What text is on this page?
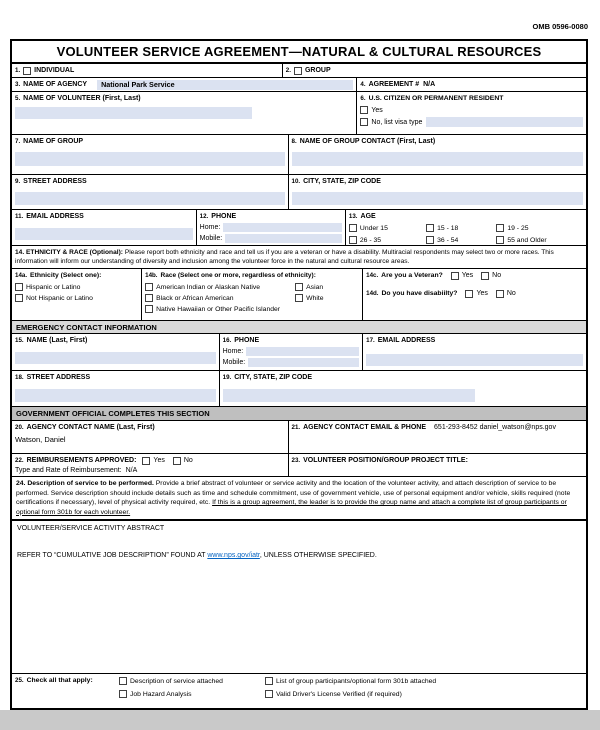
OMB 0596-0080
VOLUNTEER SERVICE AGREEMENT—NATURAL & CULTURAL RESOURCES
1. INDIVIDUAL	2. GROUP
3. NAME OF AGENCY National Park Service	4. AGREEMENT # N/A
5. NAME OF VOLUNTEER (First, Last)	6. U.S. CITIZEN OR PERMANENT RESIDENT
Yes
No, list visa type
7. NAME OF GROUP	8. NAME OF GROUP CONTACT (First, Last)
9. STREET ADDRESS	10. CITY, STATE, ZIP CODE
11. EMAIL ADDRESS	12. PHONE
Home:
Mobile:
13. AGE
Under 15	15 - 18	19 - 25
26 - 35	36 - 54	55 and Older
14. ETHNICITY & RACE (Optional): Please report both ethnicity and race and tell us if you are a veteran or have a disability. Multiracial respondents may select two or more races. This information will inform our understanding of diversity and inclusion among the volunteer force in the natural and cultural resource areas.
14a. Ethnicity (Select one):
Hispanic or Latino
Not Hispanic or Latino
14b. Race (Select one or more, regardless of ethnicity):
American Indian or Alaskan Native	Asian
Black or African American	White
Native Hawaiian or Other Pacific Islander
14c. Are you a Veteran?	Yes	No
14d. Do you have disabiilty?	Yes	No
EMERGENCY CONTACT INFORMATION
15. NAME (Last, First)	16. PHONE
Home:
Mobile:
17. EMAIL ADDRESS
18. STREET ADDRESS	19. CITY, STATE, ZIP CODE
GOVERNMENT OFFICIAL COMPLETES THIS SECTION
20. AGENCY CONTACT NAME (Last, First)
Watson, Daniel
21. AGENCY CONTACT EMAIL & PHONE 651-293-8452 daniel_watson@nps.gov
22. REIMBURSEMENTS APPROVED: Yes	No
Type and Rate of Reimbursement: N/A
23. VOLUNTEER POSITION/GROUP PROJECT TITLE:
24. Description of service to be performed. Provide a brief abstract of volunteer or service activity and the location of the volunteer activity, and attach description of service to be performed. Service description should include details such as time and schedule commitment, use of government vehicle, use of personal equipment and/or vehicle, skills required (note certifications if necessary), level of physical activity required, etc. If this is a group agreement, the leader is to provide the group name and attach a complete list of group participants or optional form 301b for each volunteer.
VOLUNTEER/SERVICE ACTIVITY ABSTRACT
REFER TO “CUMULATIVE JOB DESCRIPTION” FOUND AT www.nps.gov/iatr, UNLESS OTHERWISE SPECIFIED.
25. Check all that apply:	Description of service attached	List of group participants/optional form 301b attached
Job Hazard Analysis	Valid Driver's License Verified (if required)
